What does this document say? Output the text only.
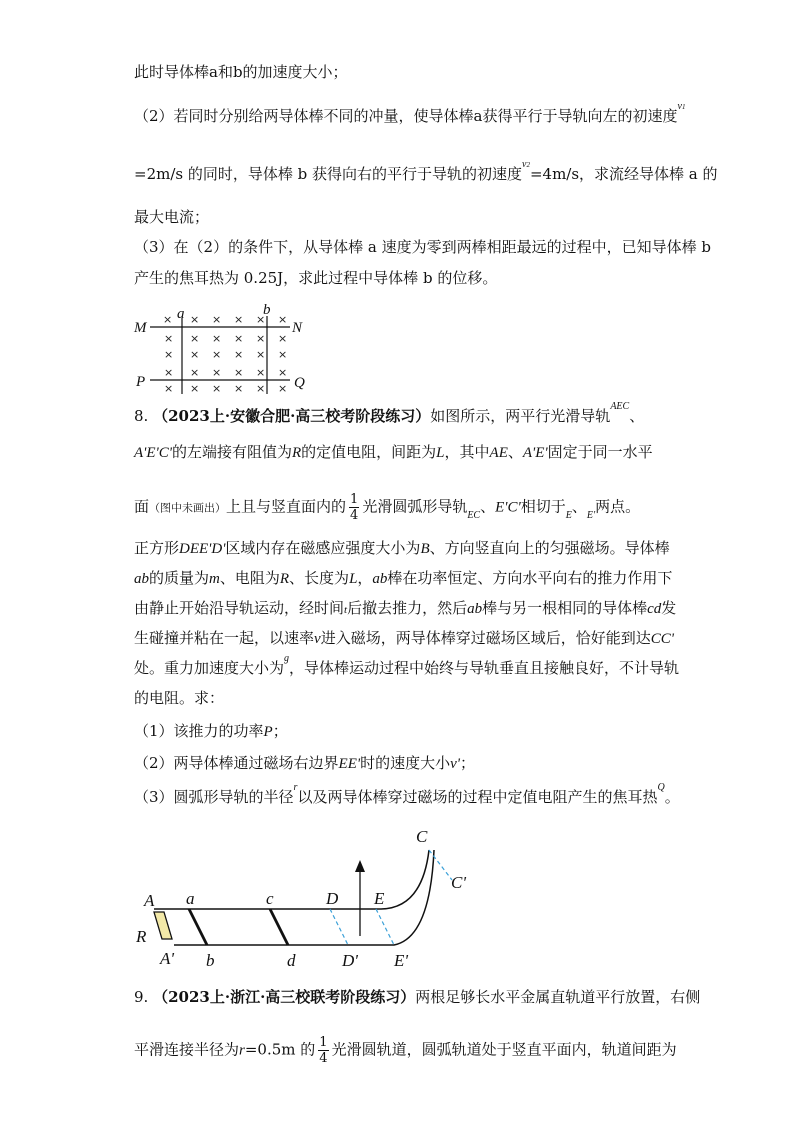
此时导体棒a和b的加速度大小；
（2）若同时分别给两导体棒不同的冲量，使导体棒a获得平行于导轨向左的初速度$^{v1}$
=2m/s 的同时，导体棒 b 获得向右的平行于导轨的初速度$^{v2}$=4m/s，求流经导体棒 a 的
最大电流；
（3）在（2）的条件下，从导体棒 a 速度为零到两棒相距最远的过程中，已知导体棒 b
产生的焦耳热为 0.25J，求此过程中导体棒 b 的位移。
M	N
P	Q
a	b
× × × × × ×
× × × × × ×
× × × × × ×
× × × × × ×
× × × × × ×
8. （2023上·安徽合肥·高三校考阶段练习）如图所示，两平行光滑导轨$^{AEC}$、
A'E'C'的左端接有阻值为R的定值电阻，间距为L，其中AE、A'E'固定于同一水平
面（图中未画出）上且与竖直面内的 $\frac{1}{4}$ 光滑圆弧形导轨$_{EC}$、E'C'相切于$_E$、$_{E'}$两点。
正方形DEE'D'区域内存在磁感应强度大小为B、方向竖直向上的匀强磁场。导体棒
ab的质量为m、电阻为R、长度为L，ab棒在功率恒定、方向水平向右的推力作用下
由静止开始沿导轨运动，经时间t后撤去推力，然后ab棒与另一根相同的导体棒cd发
生碰撞并粘在一起，以速率v进入磁场，两导体棒穿过磁场区域后，恰好能到达CC'
处。重力加速度大小为$^g$，导体棒运动过程中始终与导轨垂直且接触良好，不计导轨
的电阻。求：
（1）该推力的功率P；
（2）两导体棒通过磁场右边界EE'时的速度大小v'；
（3）圆弧形导轨的半径$^r$以及两导体棒穿过磁场的过程中定值电阻产生的焦耳热$^Q$。
A
A'
R
a
b
c
d
D
D'
E
E'
C
C'
9. （2023上·浙江·高三校联考阶段练习）两根足够长水平金属直轨道平行放置，右侧
平滑连接半径为r=0.5m 的 $\frac{1}{4}$ 光滑圆轨道，圆弧轨道处于竖直平面内，轨道间距为
